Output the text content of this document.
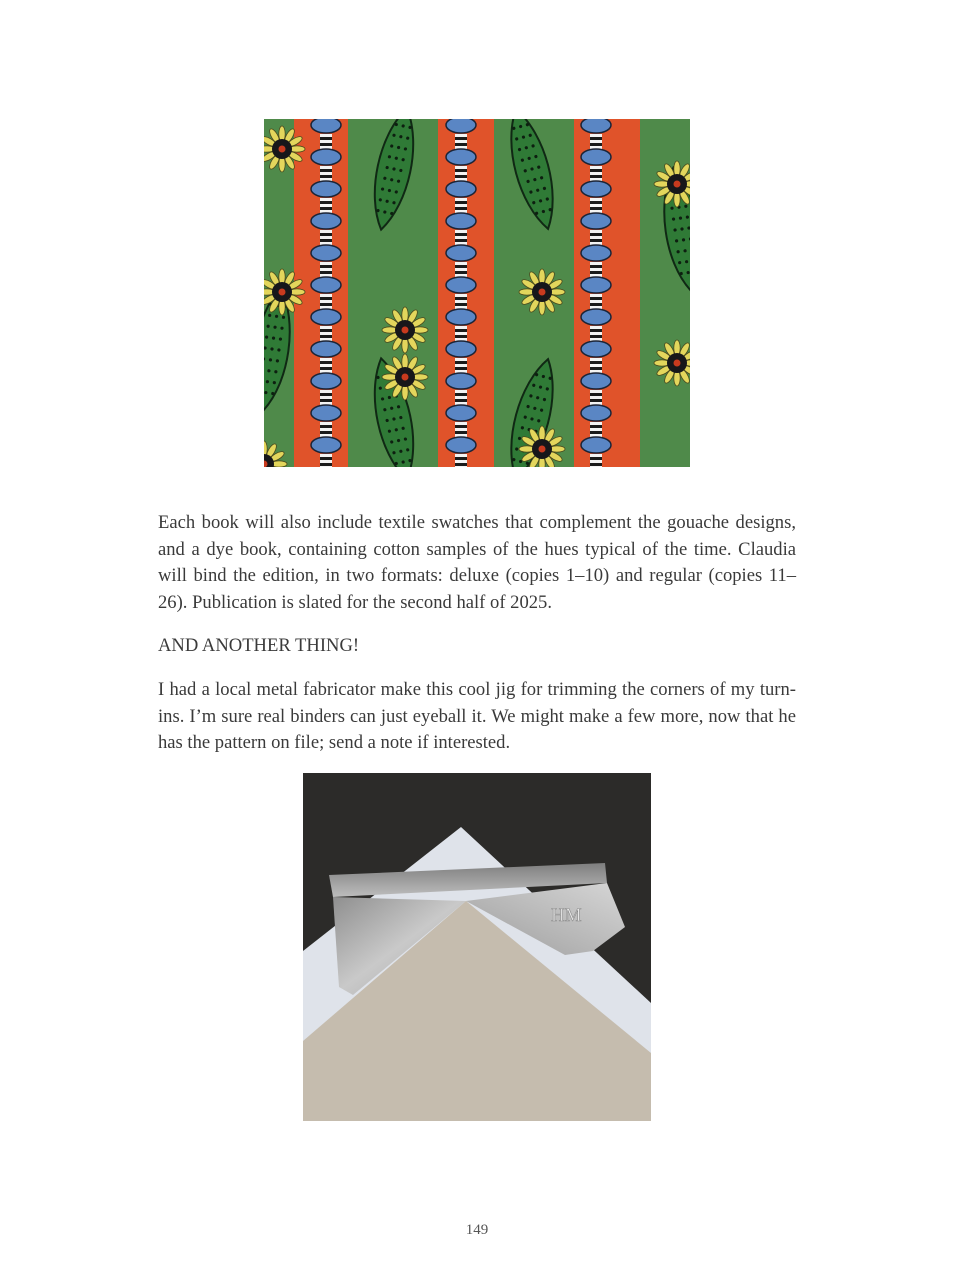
Each book will also include textile swatches that complement the gouache designs, and a dye book, containing cotton samples of the hues typical of the time. Claudia will bind the edition, in two formats: deluxe (copies 1–10) and regular (copies 11–26). Publication is slated for the second half of 2025.

AND ANOTHER THING!

I had a local metal fabricator make this cool jig for trimming the corners of my turn-ins. I’m sure real binders can just eyeball it. We might make a few more, now that he has the pattern on file; send a note if interested.

HM
149
